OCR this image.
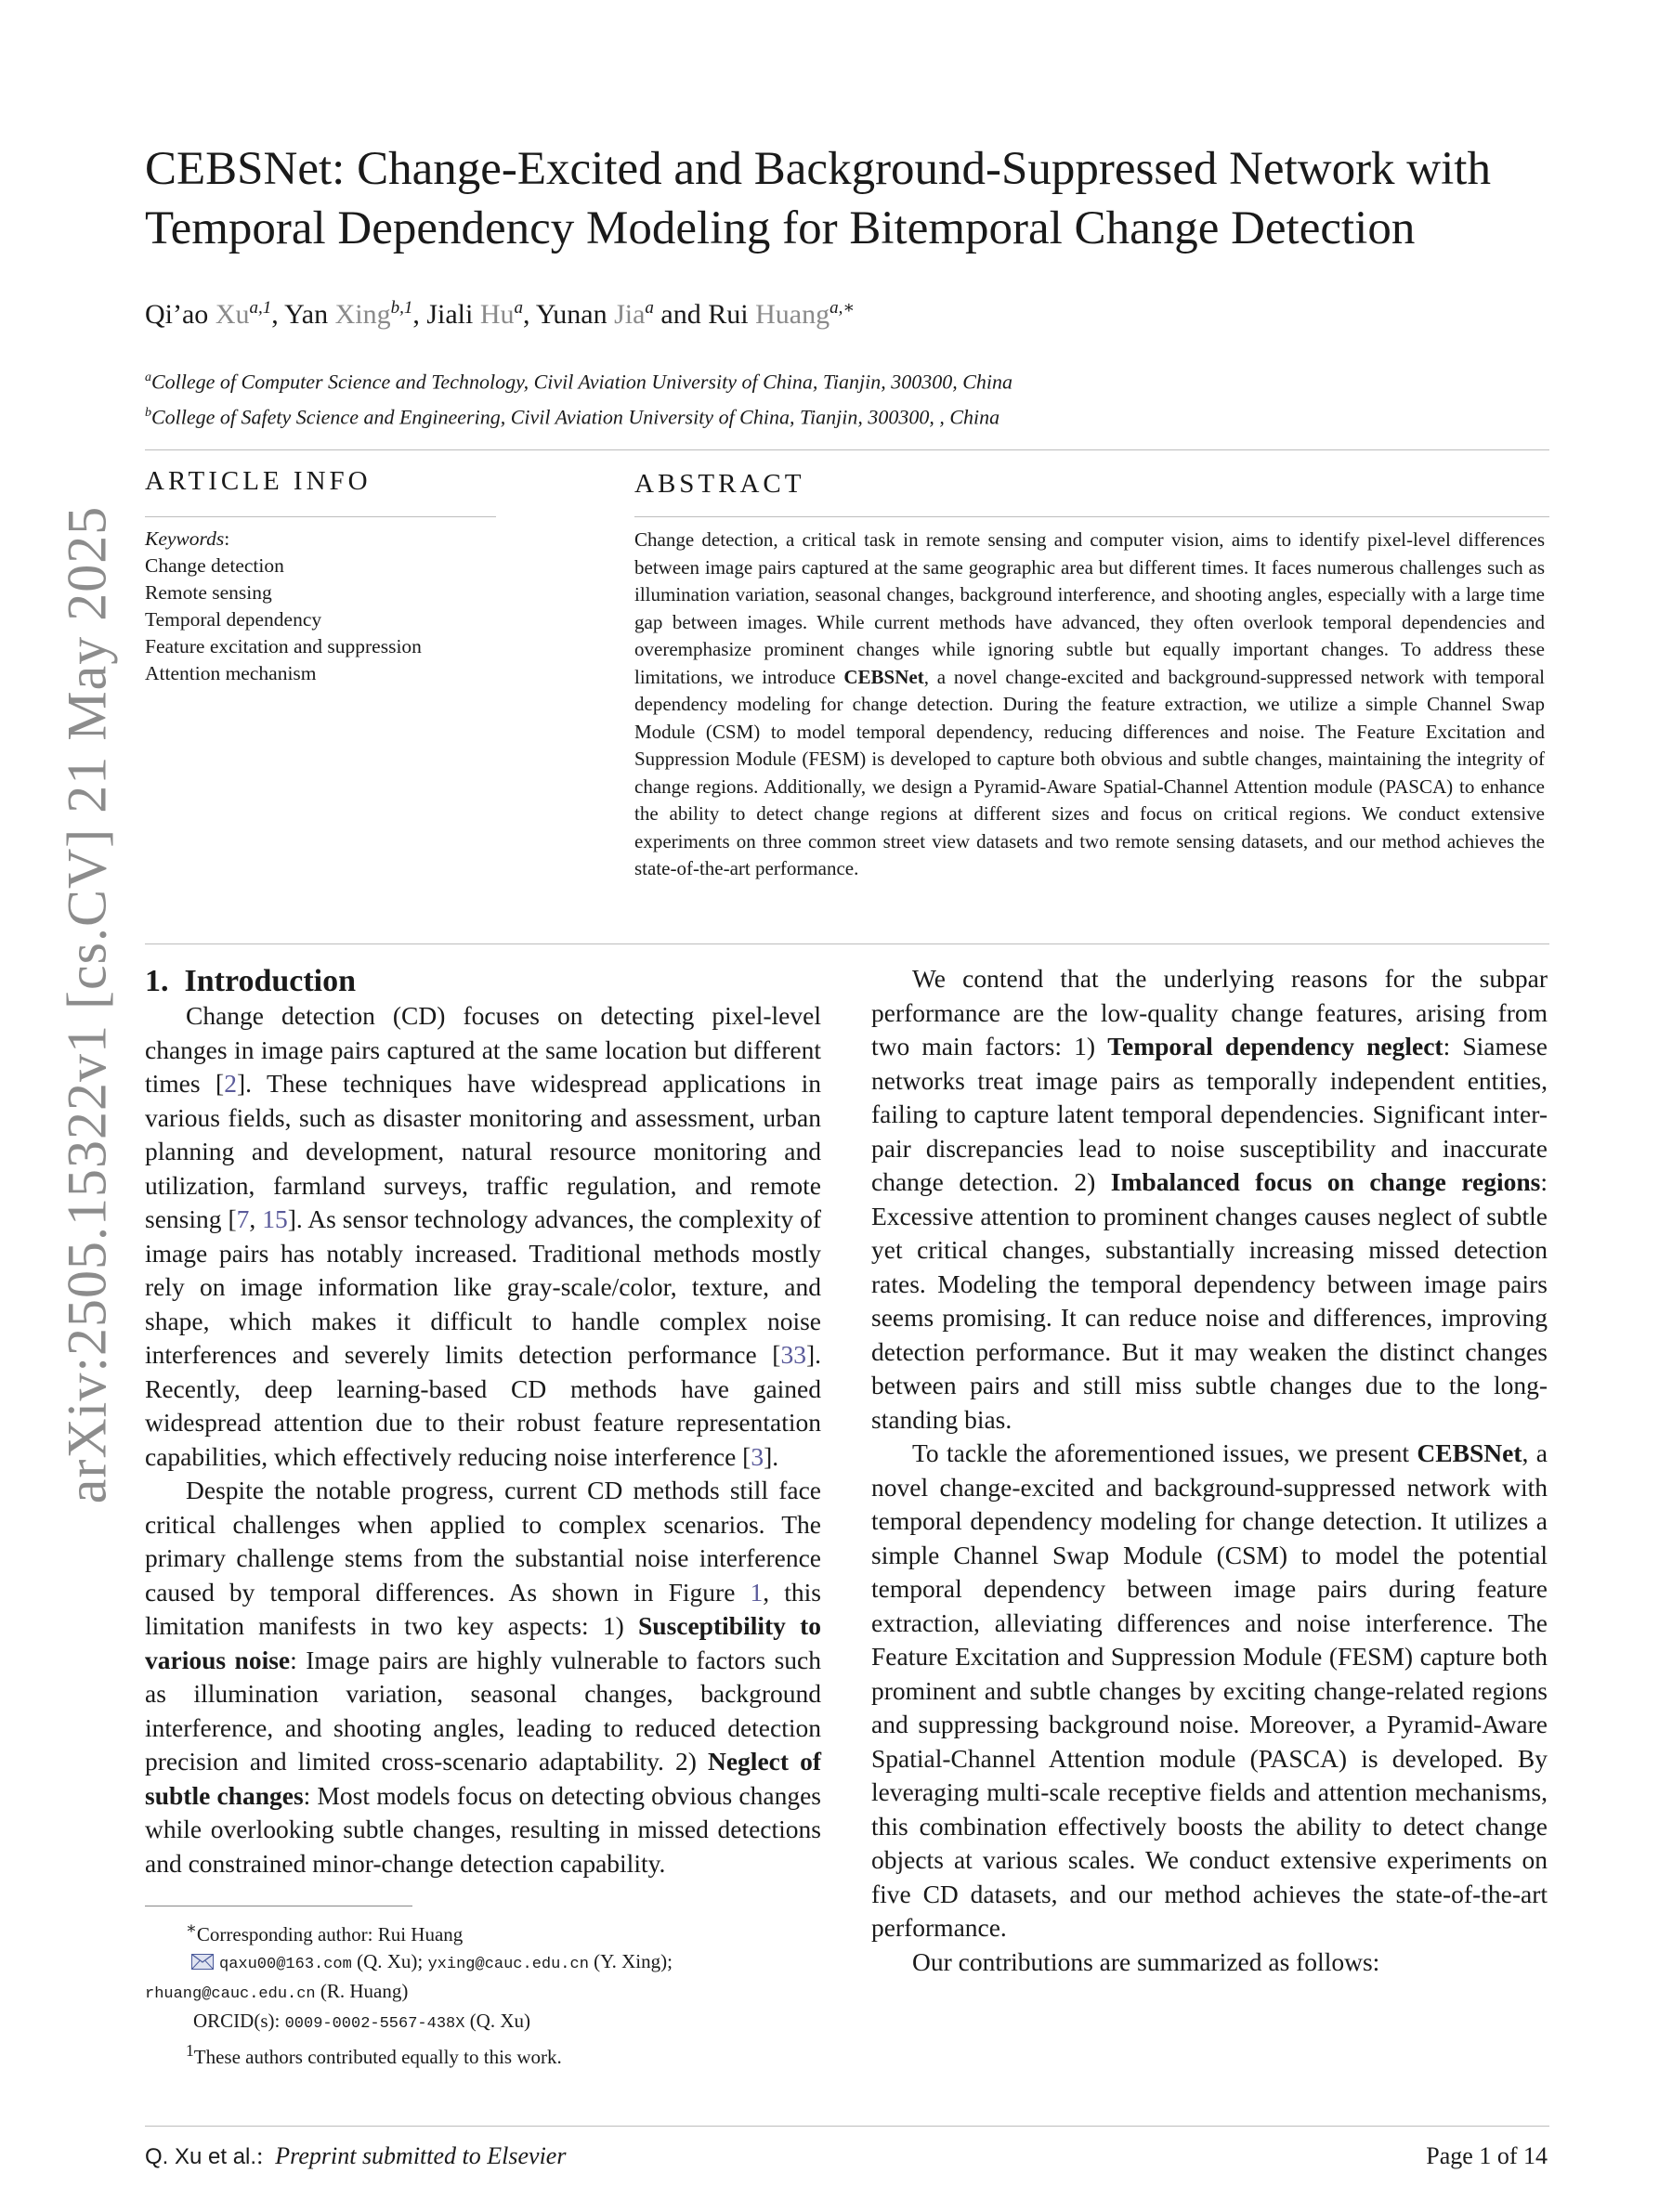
arXiv:2505.15322v1 [cs.CV] 21 May 2025
CEBSNet: Change-Excited and Background-Suppressed Network with Temporal Dependency Modeling for Bitemporal Change Detection
Qi’ao Xu$^{a,1}$, Yan Xing$^{b,1}$, Jiali Hu$^a$, Yunan Jia$^a$ and Rui Huang$^{a,∗}$
$^a$College of Computer Science and Technology, Civil Aviation University of China, Tianjin, 300300, China
$^b$College of Safety Science and Engineering, Civil Aviation University of China, Tianjin, 300300, , China
ARTICLE INFO
Keywords:
Change detection
Remote sensing
Temporal dependency
Feature excitation and suppression
Attention mechanism
ABSTRACT
Change detection, a critical task in remote sensing and computer vision, aims to identify pixel-level differences between image pairs captured at the same geographic area but different times. It faces numerous challenges such as illumination variation, seasonal changes, background interference, and shooting angles, especially with a large time gap between images. While current methods have advanced, they often overlook temporal dependencies and overemphasize prominent changes while ignoring subtle but equally important changes. To address these limitations, we introduce CEBSNet, a novel change-excited and background-suppressed network with temporal dependency modeling for change detection. During the feature extraction, we utilize a simple Channel Swap Module (CSM) to model temporal dependency, reducing differences and noise. The Feature Excitation and Suppression Module (FESM) is developed to capture both obvious and subtle changes, maintaining the integrity of change regions. Additionally, we design a Pyramid-Aware Spatial-Channel Attention module (PASCA) to enhance the ability to detect change regions at different sizes and focus on critical regions. We conduct extensive experiments on three common street view datasets and two remote sensing datasets, and our method achieves the state-of-the-art performance.
1. Introduction

Change detection (CD) focuses on detecting pixel-level changes in image pairs captured at the same location but different times [2]. These techniques have widespread applications in various fields, such as disaster monitoring and assessment, urban planning and development, natural resource monitoring and utilization, farmland surveys, traffic regulation, and remote sensing [7, 15]. As sensor technology advances, the complexity of image pairs has notably increased. Traditional methods mostly rely on image information like gray-scale/color, texture, and shape, which makes it difficult to handle complex noise interferences and severely limits detection performance [33]. Recently, deep learning-based CD methods have gained widespread attention due to their robust feature representation capabilities, which effectively reducing noise interference [3].

Despite the notable progress, current CD methods still face critical challenges when applied to complex scenarios. The primary challenge stems from the substantial noise interference caused by temporal differences. As shown in Figure 1, this limitation manifests in two key aspects: 1) Susceptibility to various noise: Image pairs are highly vulnerable to factors such as illumination variation, seasonal changes, background interference, and shooting angles, leading to reduced detection precision and limited cross-scenario adaptability. 2) Neglect of subtle changes: Most models focus on detecting obvious changes while overlooking subtle changes, resulting in missed detections and constrained minor-change detection capability.

We contend that the underlying reasons for the subpar performance are the low-quality change features, arising from two main factors: 1) Temporal dependency neglect: Siamese networks treat image pairs as temporally independent entities, failing to capture latent temporal dependencies. Significant inter-pair discrepancies lead to noise susceptibility and inaccurate change detection. 2) Imbalanced focus on change regions: Excessive attention to prominent changes causes neglect of subtle yet critical changes, substantially increasing missed detection rates. Modeling the temporal dependency between image pairs seems promising. It can reduce noise and differences, improving detection performance. But it may weaken the distinct changes between pairs and still miss subtle changes due to the long-standing bias.

To tackle the aforementioned issues, we present CEBSNet, a novel change-excited and background-suppressed network with temporal dependency modeling for change detection. It utilizes a simple Channel Swap Module (CSM) to model the potential temporal dependency between image pairs during feature extraction, alleviating differences and noise interference. The Feature Excitation and Suppression Module (FESM) capture both prominent and subtle changes by exciting change-related regions and suppressing background noise. Moreover, a Pyramid-Aware Spatial-Channel Attention module (PASCA) is developed. By leveraging multi-scale receptive fields and attention mechanisms, this combination effectively boosts the ability to detect change objects at various scales. We conduct extensive experiments on five CD datasets, and our method achieves the state-of-the-art performance.

Our contributions are summarized as follows:

∗Corresponding author: Rui Huang

qaxu00@163.com (Q. Xu); yxing@cauc.edu.cn (Y. Xing);

rhuang@cauc.edu.cn (R. Huang)

ORCID(s): 0009-0002-5567-438X (Q. Xu)

$^1$These authors contributed equally to this work.

Q. Xu et al.:  Preprint submitted to Elsevier	Page 1 of 14
